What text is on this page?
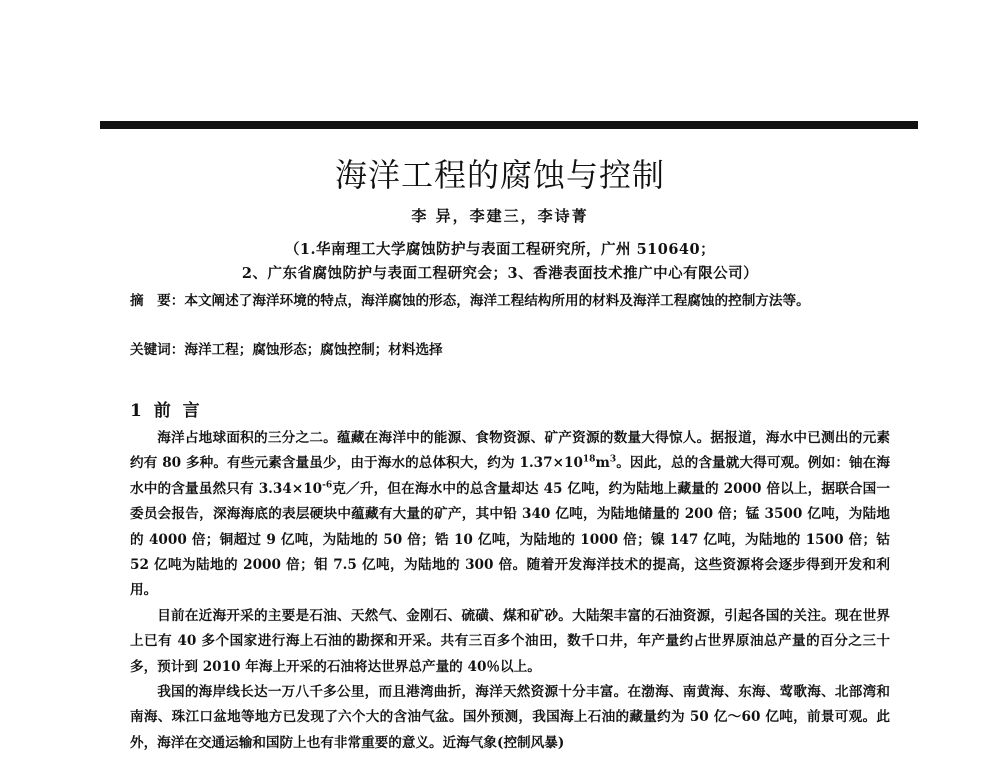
海洋工程的腐蚀与控制
李 异，李建三，李诗菁
（1.华南理工大学腐蚀防护与表面工程研究所，广州 510640；
2、广东省腐蚀防护与表面工程研究会；3、香港表面技术推广中心有限公司）
摘　要：本文阐述了海洋环境的特点，海洋腐蚀的形态，海洋工程结构所用的材料及海洋工程腐蚀的控制方法等。
关键词：海洋工程；腐蚀形态；腐蚀控制；材料选择
1 前 言

海洋占地球面积的三分之二。蕴藏在海洋中的能源、食物资源、矿产资源的数量大得惊人。据报道，海水中已测出的元素约有 80 多种。有些元素含量虽少，由于海水的总体积大，约为 $1.37\times 10^{18}m^3$。因此，总的含量就大得可观。例如：铀在海水中的含量虽然只有 $3.34\times 10^{-6}$克／升，但在海水中的总含量却达 45 亿吨，约为陆地上藏量的 2000 倍以上，据联合国一委员会报告，深海海底的表层硬块中蕴藏有大量的矿产，其中铅 340 亿吨，为陆地储量的 200 倍；锰 3500 亿吨，为陆地的 4000 倍；铜超过 9 亿吨，为陆地的 50 倍；锆 10 亿吨，为陆地的 1000 倍；镍 147 亿吨，为陆地的 1500 倍；钴 52 亿吨为陆地的 2000 倍；钼 7.5 亿吨，为陆地的 300 倍。随着开发海洋技术的提高，这些资源将会逐步得到开发和利用。

目前在近海开采的主要是石油、天然气、金刚石、硫磺、煤和矿砂。大陆架丰富的石油资源，引起各国的关注。现在世界上已有 40 多个国家进行海上石油的勘探和开采。共有三百多个油田，数千口井，年产量约占世界原油总产量的百分之三十多，预计到 2010 年海上开采的石油将达世界总产量的 40％以上。

我国的海岸线长达一万八千多公里，而且港湾曲折，海洋天然资源十分丰富。在渤海、南黄海、东海、莺歌海、北部湾和南海、珠江口盆地等地方已发现了六个大的含油气盆。国外预测，我国海上石油的藏量约为 50 亿～60 亿吨，前景可观。此外，海洋在交通运输和国防上也有非常重要的意义。近海气象(控制风暴)
